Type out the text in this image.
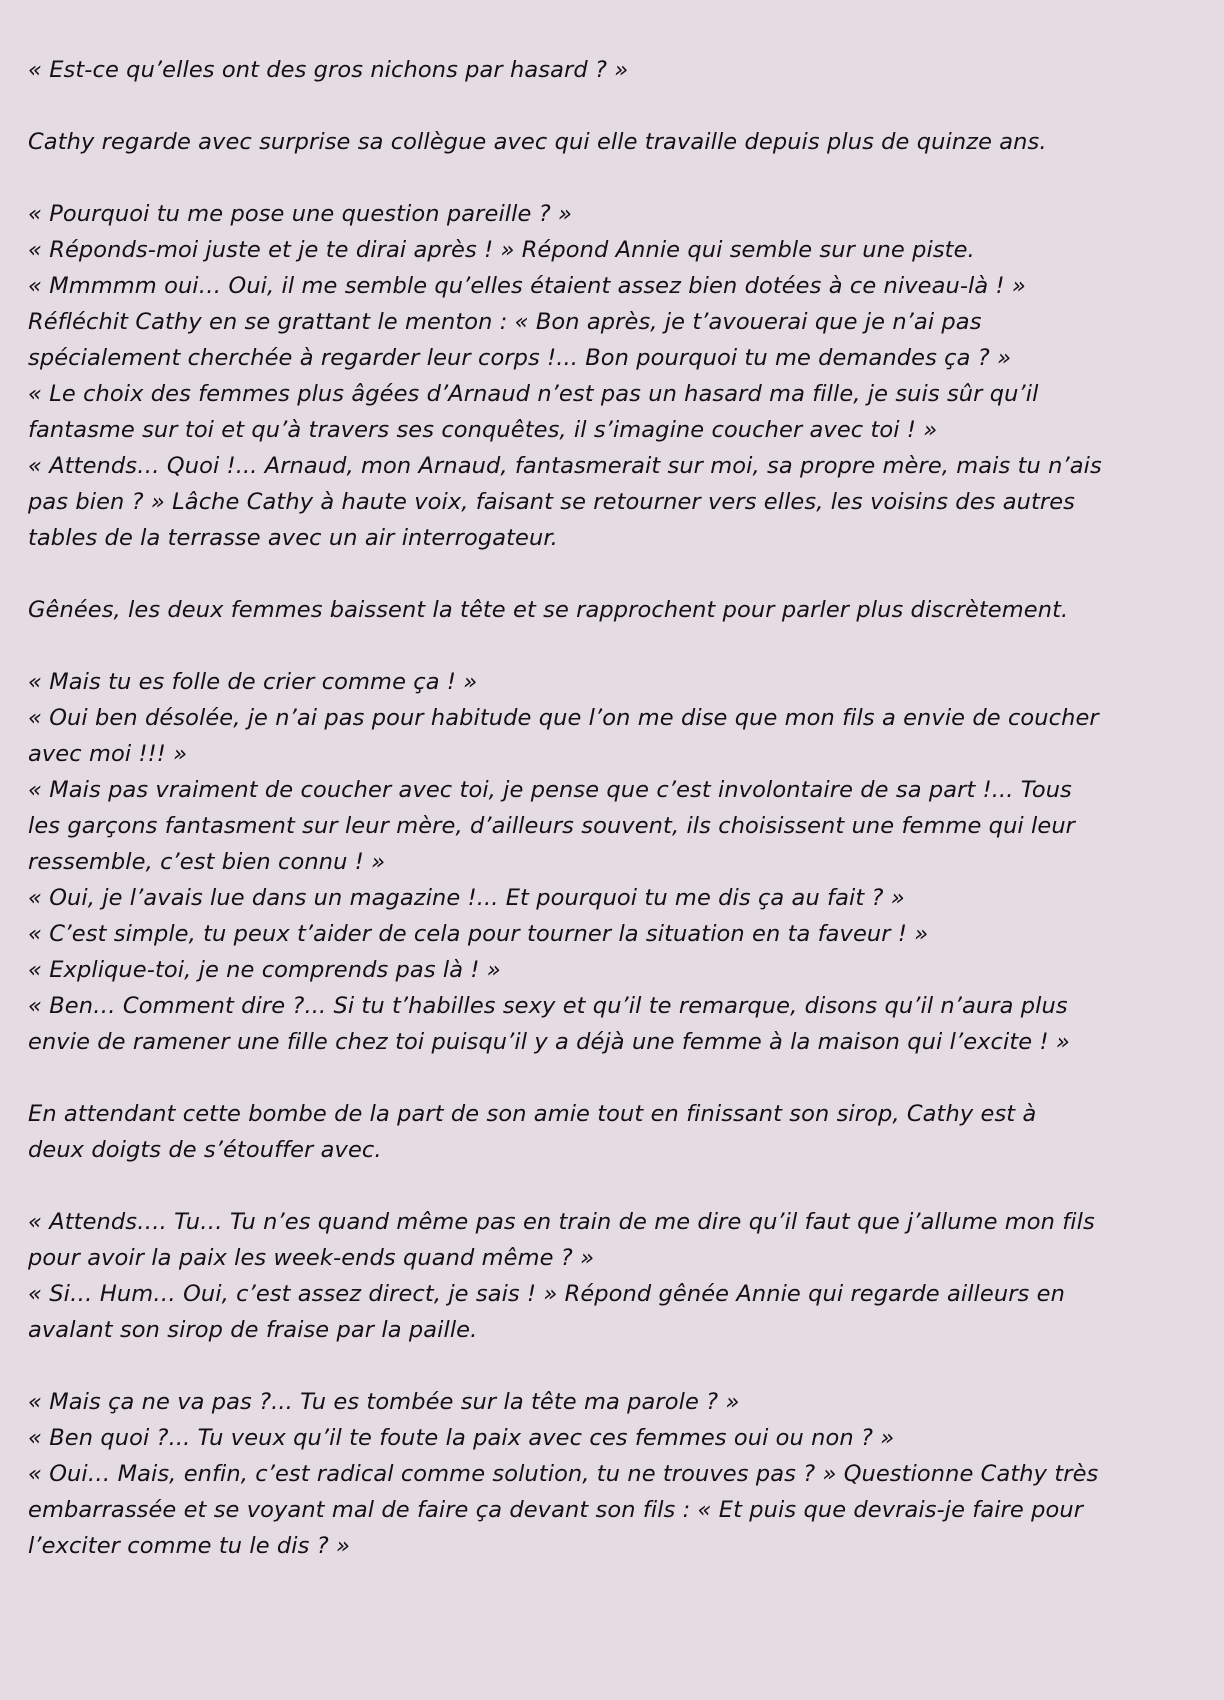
« Est-ce qu’elles ont des gros nichons par hasard ? »
Cathy regarde avec surprise sa collègue avec qui elle travaille depuis plus de quinze ans.
« Pourquoi tu me pose une question pareille ? »
« Réponds-moi juste et je te dirai après ! » Répond Annie qui semble sur une piste.
« Mmmmm oui… Oui, il me semble qu’elles étaient assez bien dotées à ce niveau-là ! »
Réfléchit Cathy en se grattant le menton : « Bon après, je t’avouerai que je n’ai pas
spécialement cherchée à regarder leur corps !... Bon pourquoi tu me demandes ça ? »
« Le choix des femmes plus âgées d’Arnaud n’est pas un hasard ma fille, je suis sûr qu’il
fantasme sur toi et qu’à travers ses conquêtes, il s’imagine coucher avec toi ! »
« Attends… Quoi !... Arnaud, mon Arnaud, fantasmerait sur moi, sa propre mère, mais tu n’ais
pas bien ? » Lâche Cathy à haute voix, faisant se retourner vers elles, les voisins des autres
tables de la terrasse avec un air interrogateur.
Gênées, les deux femmes baissent la tête et se rapprochent pour parler plus discrètement.
« Mais tu es folle de crier comme ça ! »
« Oui ben désolée, je n’ai pas pour habitude que l’on me dise que mon fils a envie de coucher
avec moi !!! »
« Mais pas vraiment de coucher avec toi, je pense que c’est involontaire de sa part !... Tous
les garçons fantasment sur leur mère, d’ailleurs souvent, ils choisissent une femme qui leur
ressemble, c’est bien connu ! »
« Oui, je l’avais lue dans un magazine !... Et pourquoi tu me dis ça au fait ? »
« C’est simple, tu peux t’aider de cela pour tourner la situation en ta faveur ! »
« Explique-toi, je ne comprends pas là ! »
« Ben… Comment dire ?... Si tu t’habilles sexy et qu’il te remarque, disons qu’il n’aura plus
envie de ramener une fille chez toi puisqu’il y a déjà une femme à la maison qui l’excite ! »
En attendant cette bombe de la part de son amie tout en finissant son sirop, Cathy est à
deux doigts de s’étouffer avec.
« Attends…. Tu… Tu n’es quand même pas en train de me dire qu’il faut que j’allume mon fils
pour avoir la paix les week-ends quand même ? »
« Si… Hum… Oui, c’est assez direct, je sais ! » Répond gênée Annie qui regarde ailleurs en
avalant son sirop de fraise par la paille.
« Mais ça ne va pas ?... Tu es tombée sur la tête ma parole ? »
« Ben quoi ?... Tu veux qu’il te foute la paix avec ces femmes oui ou non ? »
« Oui… Mais, enfin, c’est radical comme solution, tu ne trouves pas ? » Questionne Cathy très
embarrassée et se voyant mal de faire ça devant son fils : « Et puis que devrais-je faire pour
l’exciter comme tu le dis ? »
